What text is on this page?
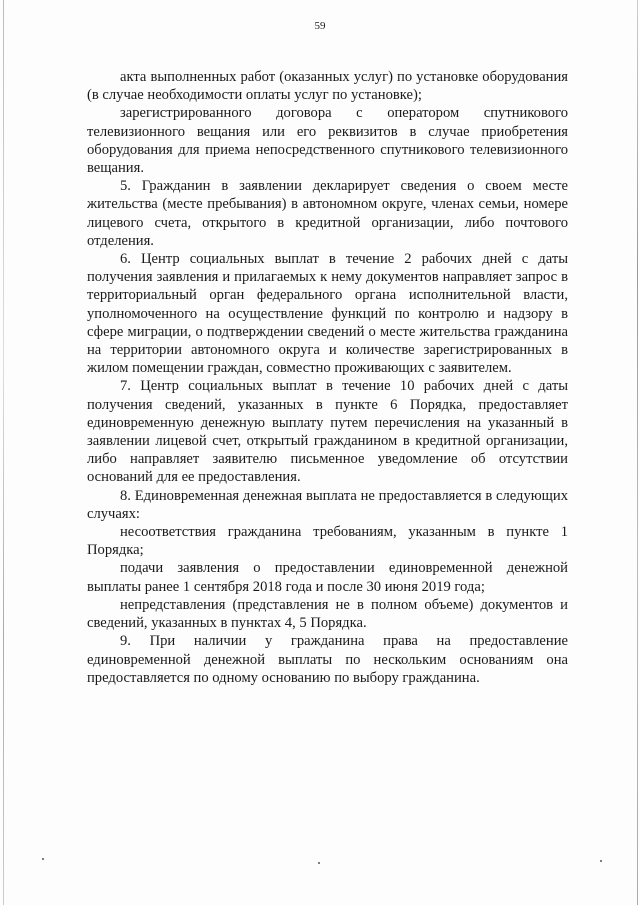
59

акта выполненных работ (оказанных услуг) по установке оборудования (в случае необходимости оплаты услуг по установке);

зарегистрированного договора с оператором спутникового телевизионного вещания или его реквизитов в случае приобретения оборудования для приема непосредственного спутникового телевизионного вещания.

5. Гражданин в заявлении декларирует сведения о своем месте жительства (месте пребывания) в автономном округе, членах семьи, номере лицевого счета, открытого в кредитной организации, либо почтового отделения.

6. Центр социальных выплат в течение 2 рабочих дней с даты получения заявления и прилагаемых к нему документов направляет запрос в территориальный орган федерального органа исполнительной власти, уполномоченного на осуществление функций по контролю и надзору в сфере миграции, о подтверждении сведений о месте жительства гражданина на территории автономного округа и количестве зарегистрированных в жилом помещении граждан, совместно проживающих с заявителем.

7. Центр социальных выплат в течение 10 рабочих дней с даты получения сведений, указанных в пункте 6 Порядка, предоставляет единовременную денежную выплату путем перечисления на указанный в заявлении лицевой счет, открытый гражданином в кредитной организации, либо направляет заявителю письменное уведомление об отсутствии оснований для ее предоставления.

8. Единовременная денежная выплата не предоставляется в следующих случаях:

несоответствия гражданина требованиям, указанным в пункте 1 Порядка;

подачи заявления о предоставлении единовременной денежной выплаты ранее 1 сентября 2018 года и после 30 июня 2019 года;

непредставления (представления не в полном объеме) документов и сведений, указанных в пунктах 4, 5 Порядка.

9. При наличии у гражданина права на предоставление единовременной денежной выплаты по нескольким основаниям она предоставляется по одному основанию по выбору гражданина.
